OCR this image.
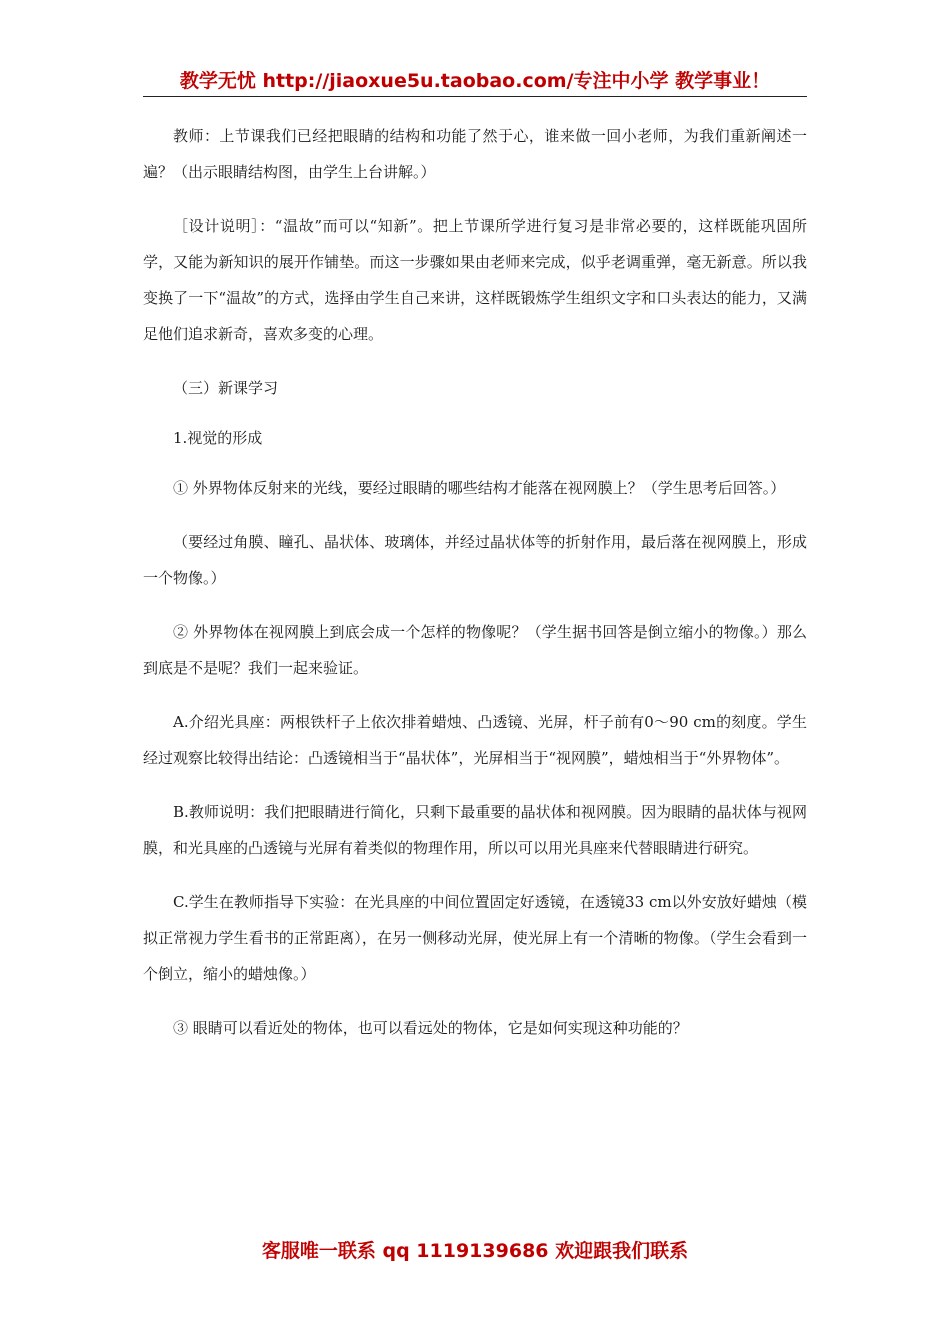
教学无忧 http://jiaoxue5u.taobao.com/专注中小学 教学事业！

教师：上节课我们已经把眼睛的结构和功能了然于心，谁来做一回小老师，为我们重新阐述一遍？（出示眼睛结构图，由学生上台讲解。）

［设计说明］：“温故”而可以“知新”。把上节课所学进行复习是非常必要的，这样既能巩固所学，又能为新知识的展开作铺垫。而这一步骤如果由老师来完成，似乎老调重弹，毫无新意。所以我变换了一下“温故”的方式，选择由学生自己来讲，这样既锻炼学生组织文字和口头表达的能力，又满足他们追求新奇，喜欢多变的心理。

（三）新课学习

1.视觉的形成

① 外界物体反射来的光线，要经过眼睛的哪些结构才能落在视网膜上？（学生思考后回答。）

（要经过角膜、瞳孔、晶状体、玻璃体，并经过晶状体等的折射作用，最后落在视网膜上，形成一个物像。）

② 外界物体在视网膜上到底会成一个怎样的物像呢？（学生据书回答是倒立缩小的物像。）那么到底是不是呢？我们一起来验证。

A.介绍光具座：两根铁杆子上依次排着蜡烛、凸透镜、光屏，杆子前有0～90 cm的刻度。学生经过观察比较得出结论：凸透镜相当于“晶状体”，光屏相当于“视网膜”，蜡烛相当于“外界物体”。

B.教师说明：我们把眼睛进行简化，只剩下最重要的晶状体和视网膜。因为眼睛的晶状体与视网膜，和光具座的凸透镜与光屏有着类似的物理作用，所以可以用光具座来代替眼睛进行研究。

C.学生在教师指导下实验：在光具座的中间位置固定好透镜，在透镜33 cm以外安放好蜡烛（模拟正常视力学生看书的正常距离），在另一侧移动光屏，使光屏上有一个清晰的物像。（学生会看到一个倒立，缩小的蜡烛像。）

③ 眼睛可以看近处的物体，也可以看远处的物体，它是如何实现这种功能的？

客服唯一联系 qq 1119139686 欢迎跟我们联系
